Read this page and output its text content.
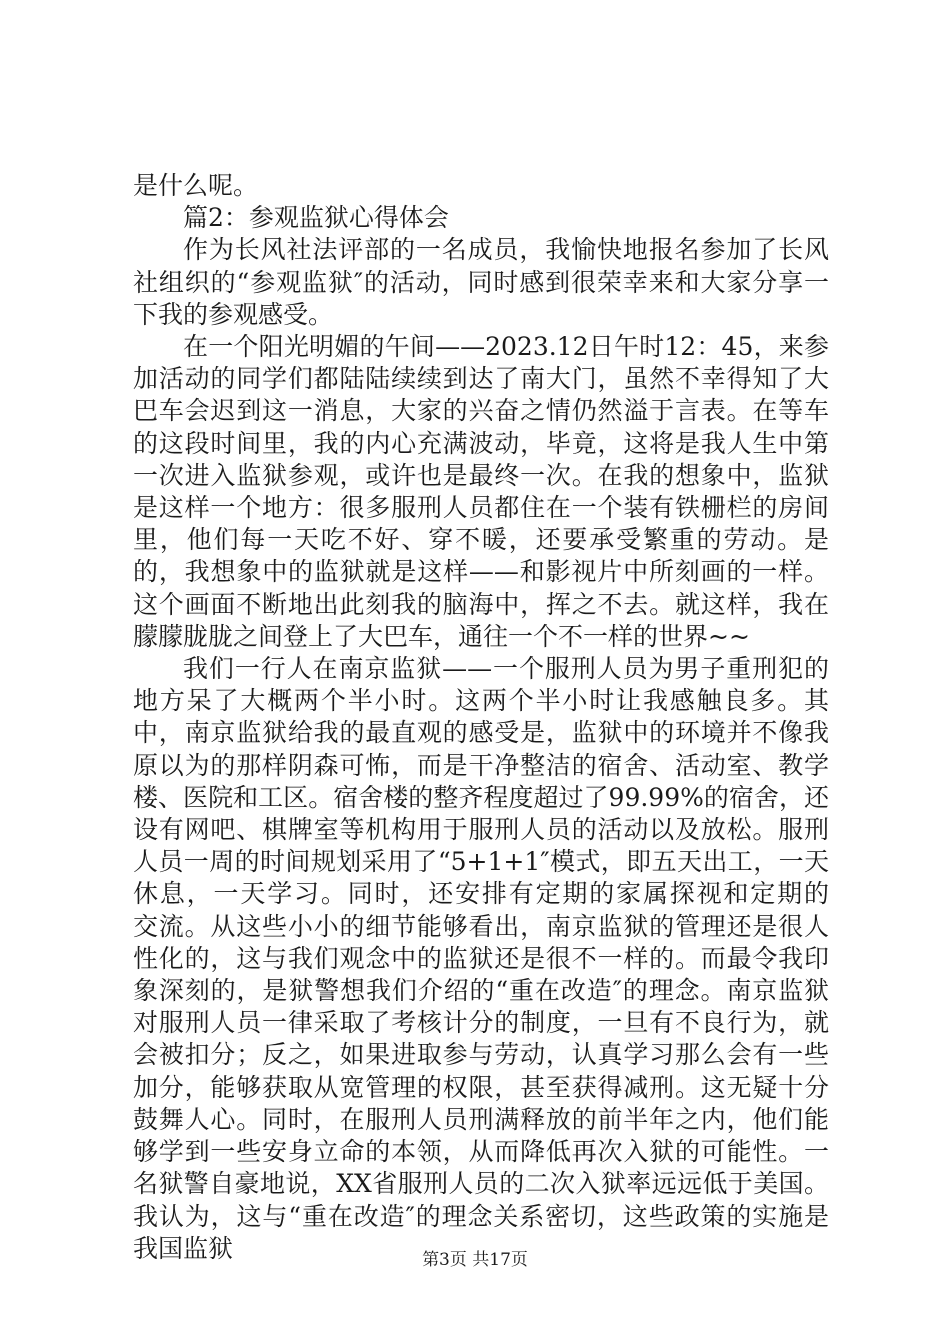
是什么呢。

篇2：参观监狱心得体会

作为长风社法评部的一名成员，我愉快地报名参加了长风社组织的“参观监狱″的活动，同时感到很荣幸来和大家分享一下我的参观感受。

在一个阳光明媚的午间——2023.12日午时12：45，来参加活动的同学们都陆陆续续到达了南大门，虽然不幸得知了大巴车会迟到这一消息，大家的兴奋之情仍然溢于言表。在等车的这段时间里，我的内心充满波动，毕竟，这将是我人生中第一次进入监狱参观，或许也是最终一次。在我的想象中，监狱是这样一个地方：很多服刑人员都住在一个装有铁栅栏的房间里，他们每一天吃不好、穿不暖，还要承受繁重的劳动。是的，我想象中的监狱就是这样——和影视片中所刻画的一样。这个画面不断地出此刻我的脑海中，挥之不去。就这样，我在朦朦胧胧之间登上了大巴车，通往一个不一样的世界~~

我们一行人在南京监狱——一个服刑人员为男子重刑犯的地方呆了大概两个半小时。这两个半小时让我感触良多。其中，南京监狱给我的最直观的感受是，监狱中的环境并不像我原以为的那样阴森可怖，而是干净整洁的宿舍、活动室、教学楼、医院和工区。宿舍楼的整齐程度超过了99.99%的宿舍，还设有网吧、棋牌室等机构用于服刑人员的活动以及放松。服刑人员一周的时间规划采用了“5+1+1″模式，即五天出工，一天休息，一天学习。同时，还安排有定期的家属探视和定期的　 交流。从这些小小的细节能够看出，南京监狱的管理还是很人性化的，这与我们观念中的监狱还是很不一样的。而最令我印象深刻的，是狱警想我们介绍的“重在改造″的理念。南京监狱对服刑人员一律采取了考核计分的制度，一旦有不良行为，就会被扣分；反之，如果进取参与劳动，认真学习那么会有一些加分，能够获取从宽管理的权限，甚至获得减刑。这无疑十分鼓舞人心。同时，在服刑人员刑满释放的前半年之内，他们能够学到一些安身立命的本领，从而降低再次入狱的可能性。一名狱警自豪地说，XX省服刑人员的二次入狱率远远低于美国。我认为，这与“重在改造″的理念关系密切，这些政策的实施是我国监狱	第3页 共17页
